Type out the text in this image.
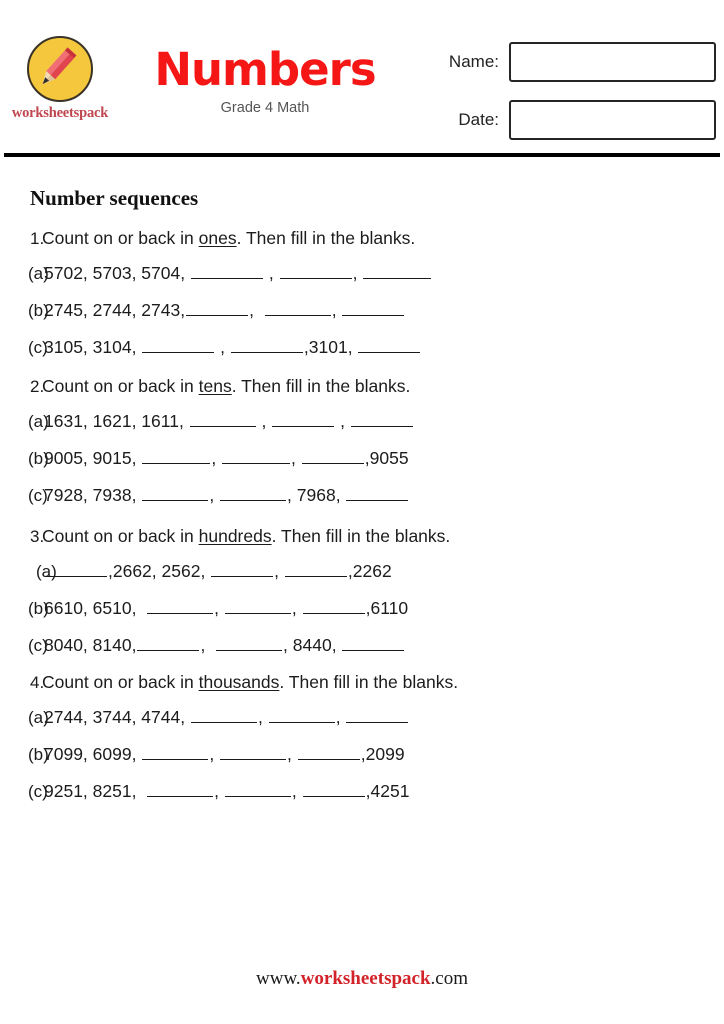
worksheetspack
Numbers
Grade 4 Math
Name:
Date:
Number sequences
1.
Count on or back in ones. Then fill in the blanks.
(a)
5702, 5703, 5704,	,	,
(b)
2745, 2744, 2743,	,	,
(c)
3105, 3104,	,	,3101,
2.
Count on or back in tens. Then fill in the blanks.
(a)
1631, 1621, 1611,	,	,
(b)
9005, 9015,	,	,	,9055
(c)
7928, 7938,	,	, 7968,
3.
Count on or back in hundreds. Then fill in the blanks.
(a)	,2662, 2562,	,	,2262
(b)
6610, 6510,	,	,	,6110
(c)
8040, 8140,	,	, 8440,
4.
Count on or back in thousands. Then fill in the blanks.
(a)
2744, 3744, 4744,	,	,
(b)
7099, 6099,	,	,	,2099
(c)
9251, 8251,	,	,	,4251
www.worksheetspack.com
